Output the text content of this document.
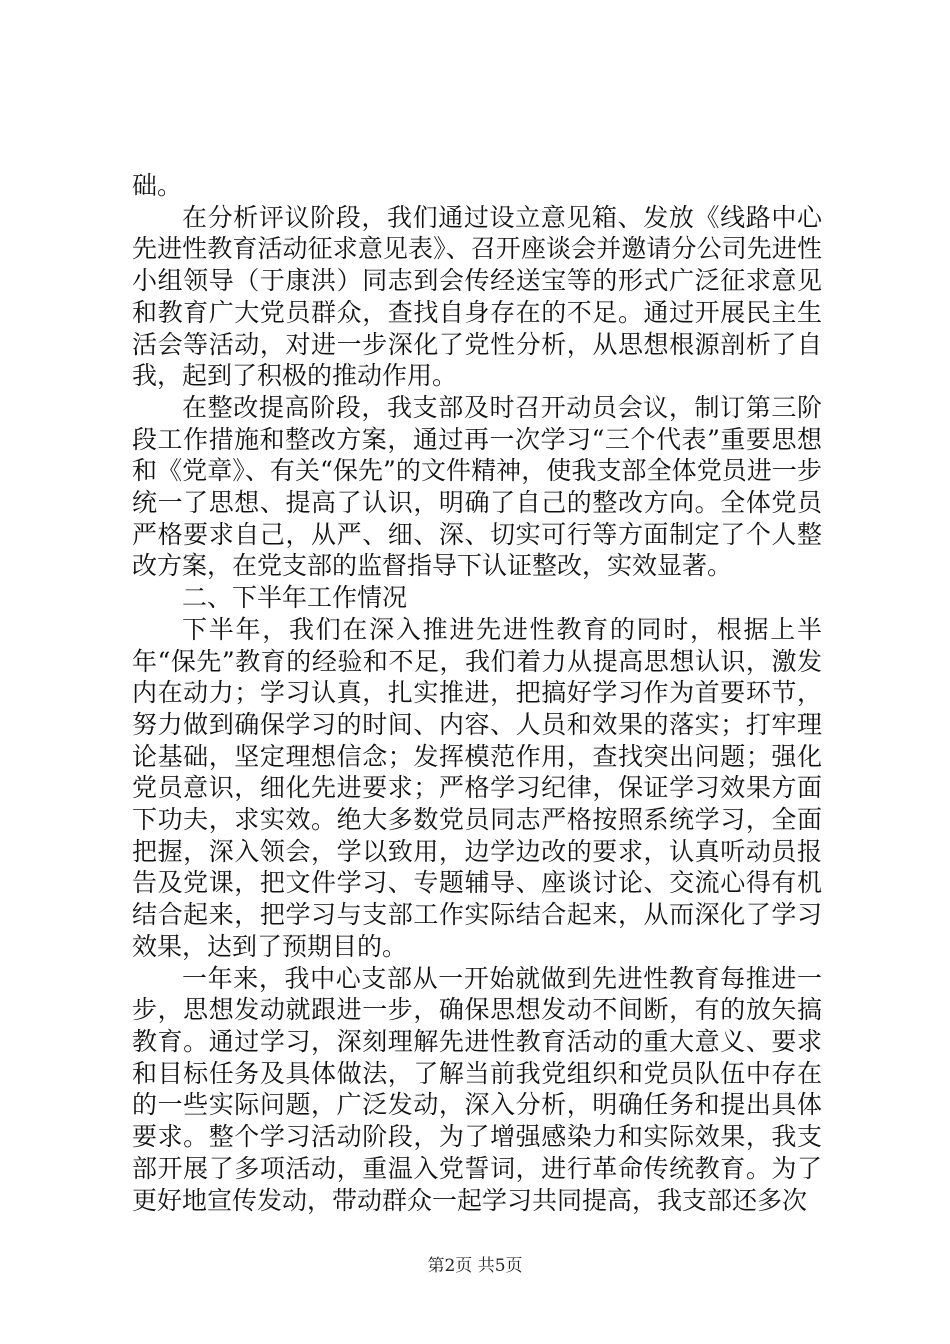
础。

在分析评议阶段，我们通过设立意见箱、发放《线路中心先进性教育活动征求意见表》、召开座谈会并邀请分公司先进性小组领导（于康洪）同志到会传经送宝等的形式广泛征求意见和教育广大党员群众，查找自身存在的不足。通过开展民主生活会等活动，对进一步深化了党性分析，从思想根源剖析了自我，起到了积极的推动作用。

在整改提高阶段，我支部及时召开动员会议，制订第三阶段工作措施和整改方案，通过再一次学习“三个代表”重要思想和《党章》、有关“保先”的文件精神，使我支部全体党员进一步统一了思想、提高了认识，明确了自己的整改方向。全体党员严格要求自己，从严、细、深、切实可行等方面制定了个人整改方案，在党支部的监督指导下认证整改，实效显著。

二、下半年工作情况

下半年，我们在深入推进先进性教育的同时，根据上半年“保先”教育的经验和不足，我们着力从提高思想认识，激发内在动力；学习认真，扎实推进，把搞好学习作为首要环节，努力做到确保学习的时间、内容、人员和效果的落实；打牢理论基础，坚定理想信念；发挥模范作用，查找突出问题；强化党员意识，细化先进要求；严格学习纪律，保证学习效果方面下功夫，求实效。绝大多数党员同志严格按照系统学习，全面把握，深入领会，学以致用，边学边改的要求，认真听动员报告及党课，把文件学习、专题辅导、座谈讨论、交流心得有机结合起来，把学习与支部工作实际结合起来，从而深化了学习效果，达到了预期目的。

一年来，我中心支部从一开始就做到先进性教育每推进一步，思想发动就跟进一步，确保思想发动不间断，有的放矢搞教育。通过学习，深刻理解先进性教育活动的重大意义、要求和目标任务及具体做法，了解当前我党组织和党员队伍中存在的一些实际问题，广泛发动，深入分析，明确任务和提出具体要求。整个学习活动阶段，为了增强感染力和实际效果，我支部开展了多项活动，重温入党誓词，进行革命传统教育。为了更好地宣传发动，带动群众一起学习共同提高，我支部还多次

第2页 共5页
